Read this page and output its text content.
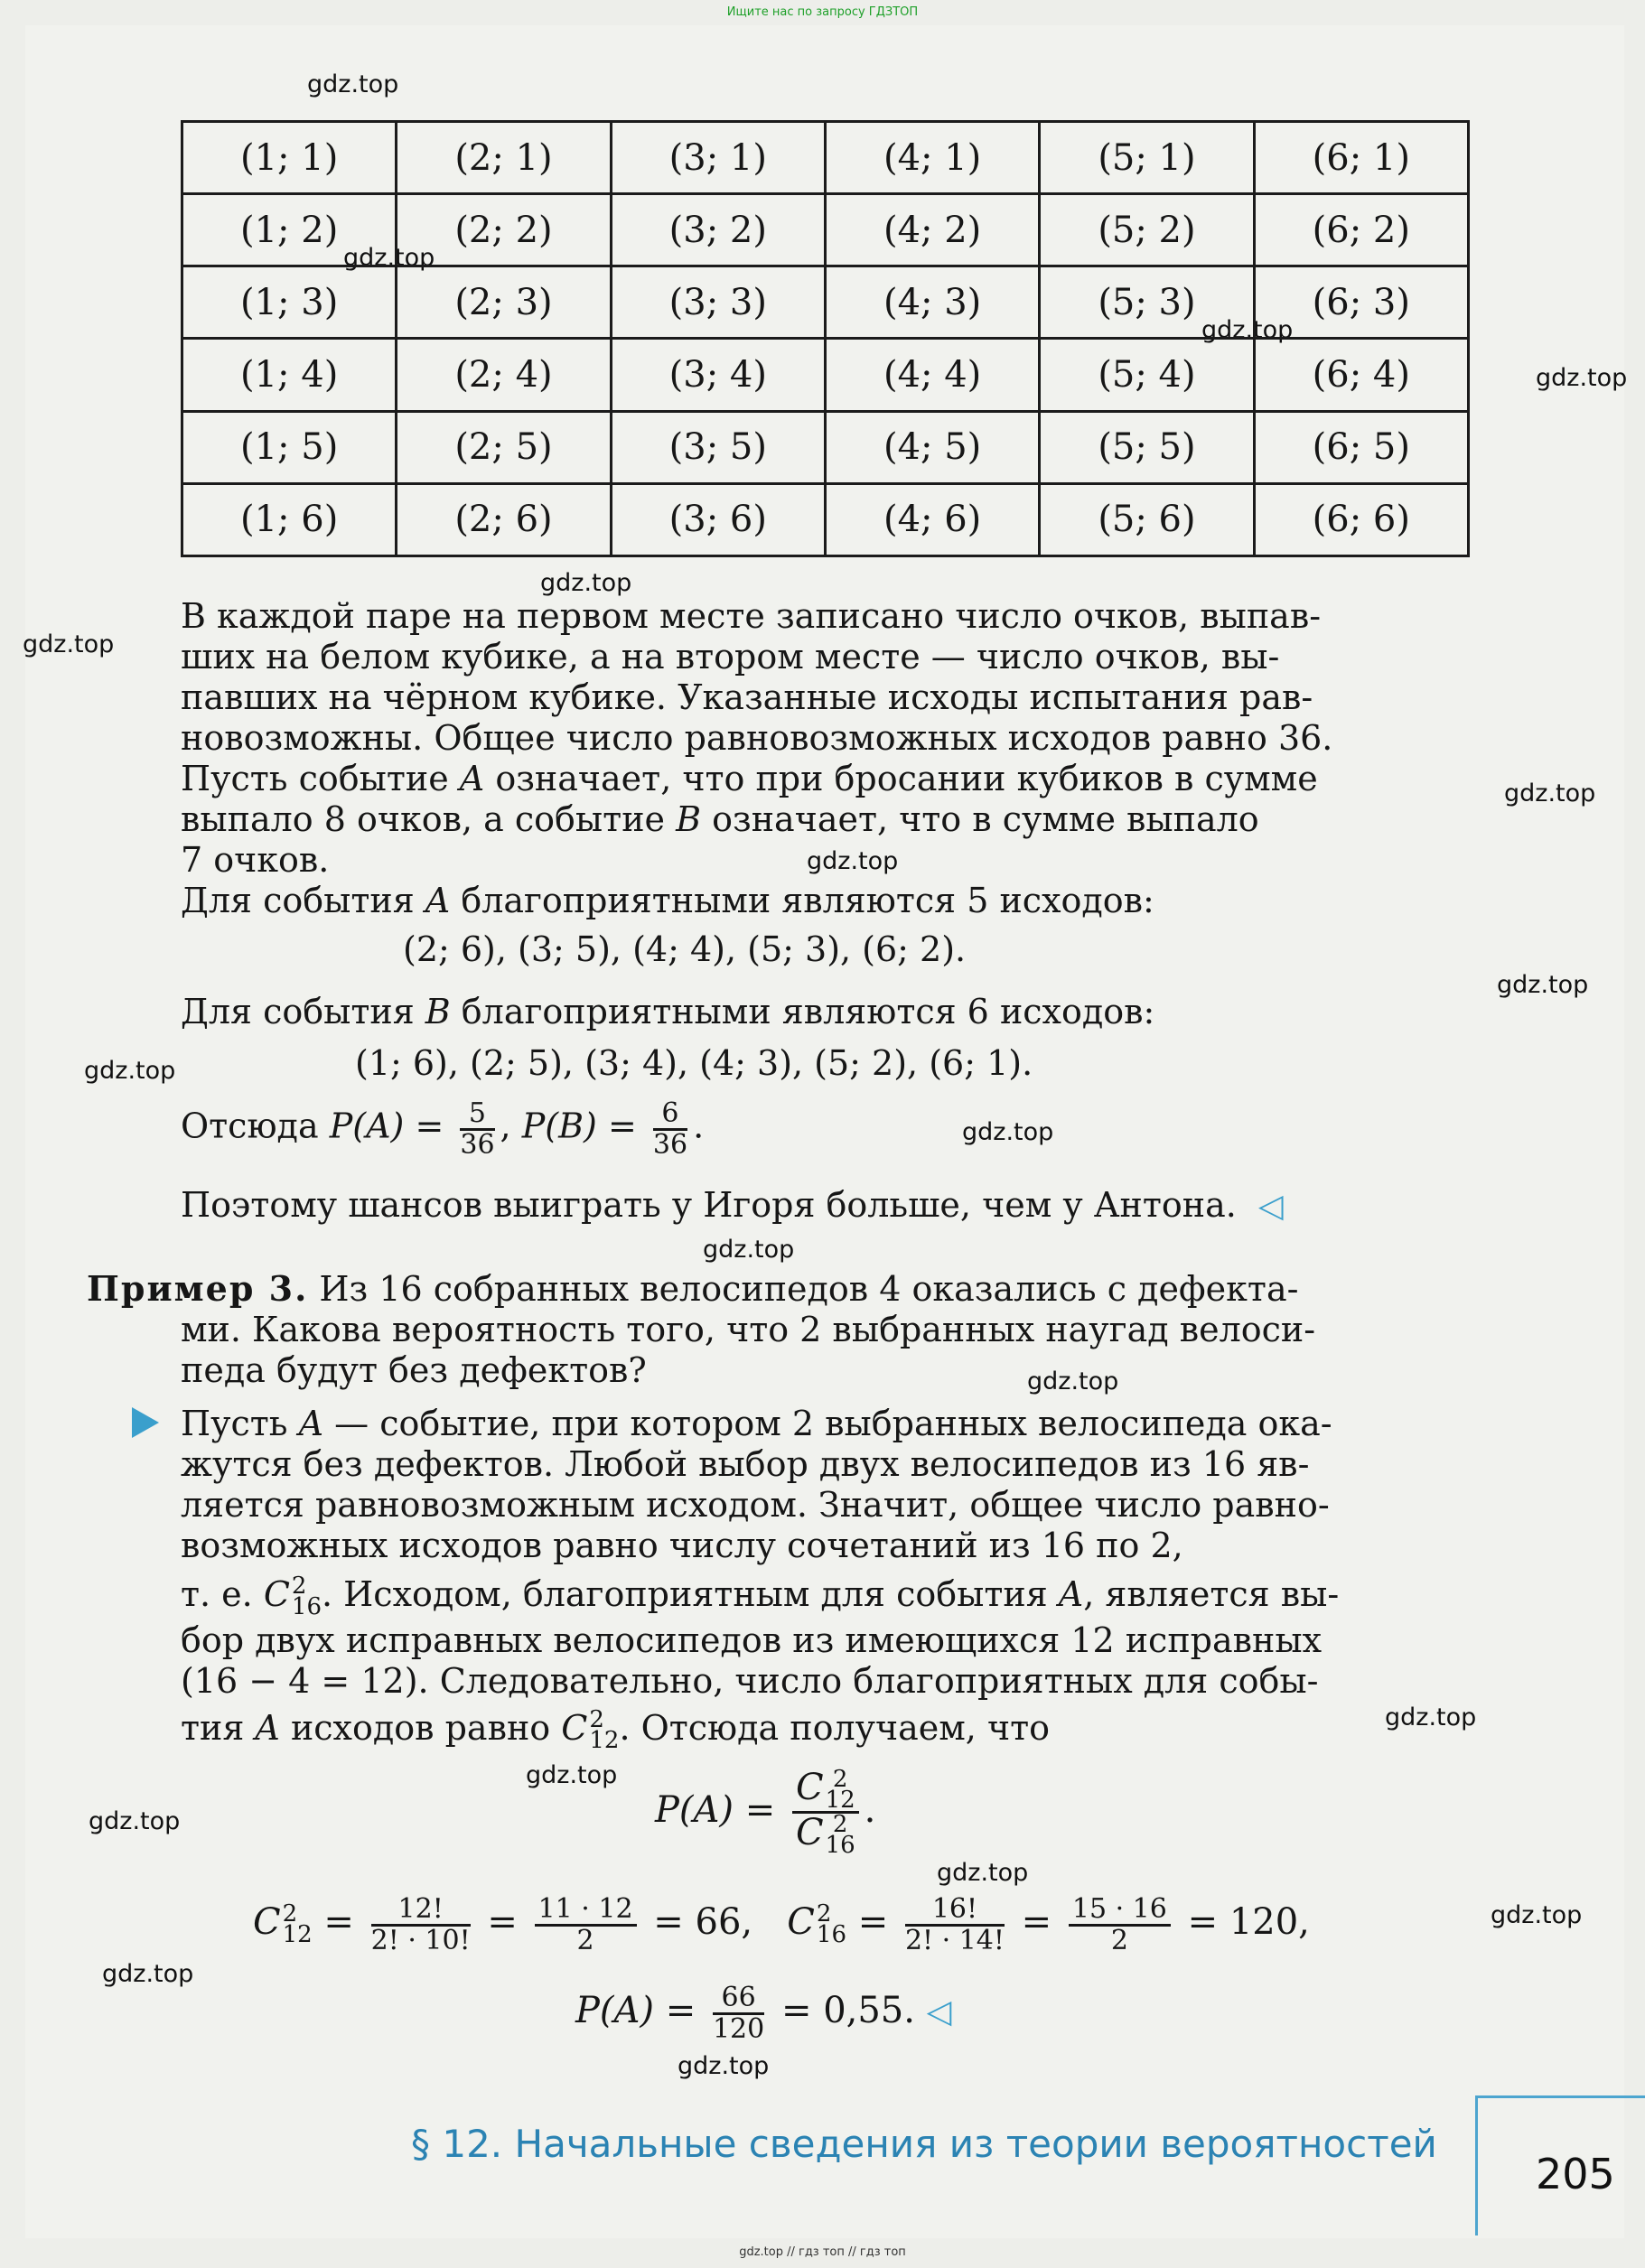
Ищите нас по запросу ГДЗТОП
gdz.top
gdz.top
gdz.top
gdz.top
gdz.top
gdz.top
gdz.top
gdz.top
gdz.top
gdz.top
gdz.top
gdz.top
gdz.top
gdz.top
gdz.top
gdz.top
gdz.top
gdz.top
gdz.top
gdz.top
(1; 1)	(2; 1)	(3; 1)	(4; 1)	(5; 1)	(6; 1)
(1; 2)	(2; 2)	(3; 2)	(4; 2)	(5; 2)	(6; 2)
(1; 3)	(2; 3)	(3; 3)	(4; 3)	(5; 3)	(6; 3)
(1; 4)	(2; 4)	(3; 4)	(4; 4)	(5; 4)	(6; 4)
(1; 5)	(2; 5)	(3; 5)	(4; 5)	(5; 5)	(6; 5)
(1; 6)	(2; 6)	(3; 6)	(4; 6)	(5; 6)	(6; 6)
В каждой паре на первом месте записано число очков, выпав-
ших на белом кубике, а на втором месте — число очков, вы-
павших на чёрном кубике. Указанные исходы испытания рав-
новозможны. Общее число равновозможных исходов равно 36.
Пусть событие A означает, что при бросании кубиков в сумме
выпало 8 очков, а событие B означает, что в сумме выпало
7 очков.
Для события A благоприятными являются 5 исходов:
(2; 6), (3; 5), (4; 4), (5; 3), (6; 2).
Для события B благоприятными являются 6 исходов:
(1; 6), (2; 5), (3; 4), (4; 3), (5; 2), (6; 1).
Отсюда $P(A) = \frac{5}{36}$ , $P(B) = \frac{6}{36}$ .
Поэтому шансов выиграть у Игоря больше, чем у Антона. ◁
Пример 3. Из 16 собранных велосипедов 4 оказались с дефекта-
ми. Какова вероятность того, что 2 выбранных наугад велоси-
педа будут без дефектов?
Пусть A — событие, при котором 2 выбранных велосипеда ока-
жутся без дефектов. Любой выбор двух велосипедов из 16 яв-
ляется равновозможным исходом. Значит, общее число равно-
возможных исходов равно числу сочетаний из 16 по 2,
т. е. C 2
16 . Исходом, благоприятным для события A, является вы-
бор двух исправных велосипедов из имеющихся 12 исправных
(16 − 4 = 12). Следовательно, число благоприятных для собы-
тия A исходов равно C 2
12 . Отсюда получаем, что
P(A) = C 2
12
C 2
16 .
C 2
$12 = \frac{12!}{2! \cdot 10!} = \frac{11 \cdot 12}{2} = 66$,   C 2
$16 = \frac{16!}{2! \cdot 14!} = \frac{15 \cdot 16}{2} = 120$,
$P(A) = \frac{66}{120} = 0,55$. ◁
§ 12. Начальные сведения из теории вероятностей
205
gdz.top // гдз топ // гдз топ
